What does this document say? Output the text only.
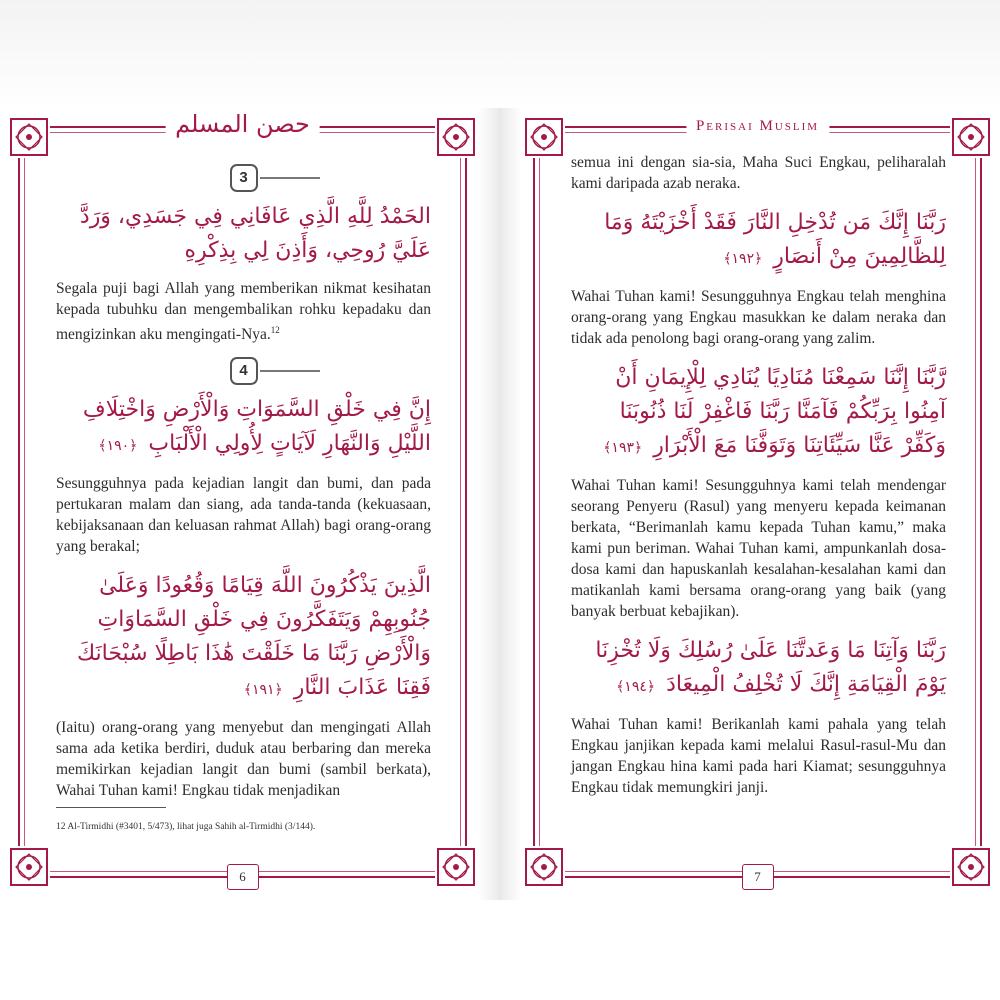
حصن المسلم
3

الحَمْدُ لِلَّهِ الَّذِي عَافَانِي فِي جَسَدِي، وَرَدَّ عَلَيَّ رُوحِي، وَأَذِنَ لِي بِذِكْرِهِ

Segala puji bagi Allah yang memberikan nikmat kesihatan kepada tubuhku dan mengembalikan rohku kepadaku dan mengizinkan aku mengingati-Nya.$^{12}$

4

إِنَّ فِي خَلْقِ السَّمَوَاتِ وَالْأَرْضِ وَاخْتِلَافِ اللَّيْلِ وَالنَّهَارِ لَآيَاتٍ لِأُولِي الْأَلْبَابِ ﴿١٩٠﴾

Sesungguhnya pada kejadian langit dan bumi, dan pada pertukaran malam dan siang, ada tanda-tanda (kekuasaan, kebijaksanaan dan keluasan rahmat Allah) bagi orang-orang yang berakal;

الَّذِينَ يَذْكُرُونَ اللَّهَ قِيَامًا وَقُعُودًا وَعَلَىٰ جُنُوبِهِمْ وَيَتَفَكَّرُونَ فِي خَلْقِ السَّمَاوَاتِ وَالْأَرْضِ رَبَّنَا مَا خَلَقْتَ هَٰذَا بَاطِلًا سُبْحَانَكَ فَقِنَا عَذَابَ النَّارِ ﴿١٩١﴾

(Iaitu) orang-orang yang menyebut dan mengingati Allah sama ada ketika berdiri, duduk atau berbaring dan mereka memikirkan kejadian langit dan bumi (sambil berkata), Wahai Tuhan kami! Engkau tidak menjadikan

12 Al-Tirmidhi (#3401, 5/473), lihat juga Sahih al-Tirmidhi (3/144).
6
Perisai Muslim

semua ini dengan sia-sia, Maha Suci Engkau, peliharalah kami daripada azab neraka.

رَبَّنَا إِنَّكَ مَن تُدْخِلِ النَّارَ فَقَدْ أَخْزَيْتَهُ وَمَا لِلظَّالِمِينَ مِنْ أَنصَارٍ ﴿١٩٢﴾

Wahai Tuhan kami! Sesungguhnya Engkau telah menghina orang-orang yang Engkau masukkan ke dalam neraka dan tidak ada penolong bagi orang-orang yang zalim.

رَّبَّنَا إِنَّنَا سَمِعْنَا مُنَادِيًا يُنَادِي لِلْإِيمَانِ أَنْ آمِنُوا بِرَبِّكُمْ فَآمَنَّا رَبَّنَا فَاغْفِرْ لَنَا ذُنُوبَنَا وَكَفِّرْ عَنَّا سَيِّئَاتِنَا وَتَوَفَّنَا مَعَ الْأَبْرَارِ ﴿١٩٣﴾

Wahai Tuhan kami! Sesungguhnya kami telah mendengar seorang Penyeru (Rasul) yang menyeru kepada keimanan berkata, “Berimanlah kamu kepada Tuhan kamu,” maka kami pun beriman. Wahai Tuhan kami, ampunkanlah dosa-dosa kami dan hapuskanlah kesalahan-kesalahan kami dan matikanlah kami bersama orang-orang yang baik (yang banyak berbuat kebajikan).

رَبَّنَا وَآتِنَا مَا وَعَدتَّنَا عَلَىٰ رُسُلِكَ وَلَا تُخْزِنَا يَوْمَ الْقِيَامَةِ إِنَّكَ لَا تُخْلِفُ الْمِيعَادَ ﴿١٩٤﴾

Wahai Tuhan kami! Berikanlah kami pahala yang telah Engkau janjikan kepada kami melalui Rasul-rasul-Mu dan jangan Engkau hina kami pada hari Kiamat; sesungguhnya Engkau tidak memungkiri janji.

7
